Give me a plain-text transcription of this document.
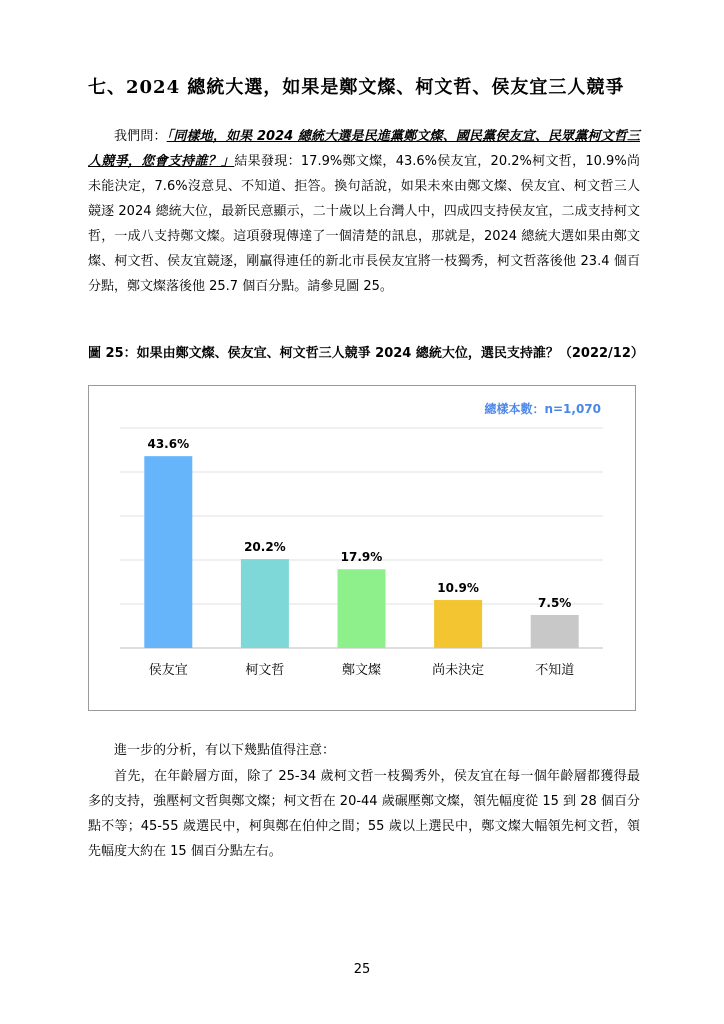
七、2024 總統大選，如果是鄭文燦、柯文哲、侯友宜三人競爭
我們問：「同樣地，如果 2024 總統大選是民進黨鄭文燦、國民黨侯友宜、民眾黨柯文哲三人競爭，您會支持誰？」結果發現：17.9%鄭文燦，43.6%侯友宜，20.2%柯文哲，10.9%尚未能決定，7.6%沒意見、不知道、拒答。換句話說，如果未來由鄭文燦、侯友宜、柯文哲三人競逐 2024 總統大位，最新民意顯示，二十歲以上台灣人中，四成四支持侯友宜，二成支持柯文哲，一成八支持鄭文燦。這項發現傳達了一個清楚的訊息，那就是，2024 總統大選如果由鄭文燦、柯文哲、侯友宜競逐，剛贏得連任的新北市長侯友宜將一枝獨秀，柯文哲落後他 23.4 個百分點，鄭文燦落後他 25.7 個百分點。請參見圖 25。
圖 25：如果由鄭文燦、侯友宜、柯文哲三人競爭 2024 總統大位，選民支持誰？（2022/12）
總樣本數：n=1,070
43.6%
侯友宜
20.2%
柯文哲
17.9%
鄭文燦
10.9%
尚未決定
7.5%
不知道
進一步的分析，有以下幾點值得注意：
首先，在年齡層方面，除了 25-34 歲柯文哲一枝獨秀外，侯友宜在每一個年齡層都獲得最多的支持，強壓柯文哲與鄭文燦；柯文哲在 20-44 歲碾壓鄭文燦，領先幅度從 15 到 28 個百分點不等；45-55 歲選民中，柯與鄭在伯仲之間；55 歲以上選民中，鄭文燦大幅領先柯文哲，領先幅度大約在 15 個百分點左右。
25
